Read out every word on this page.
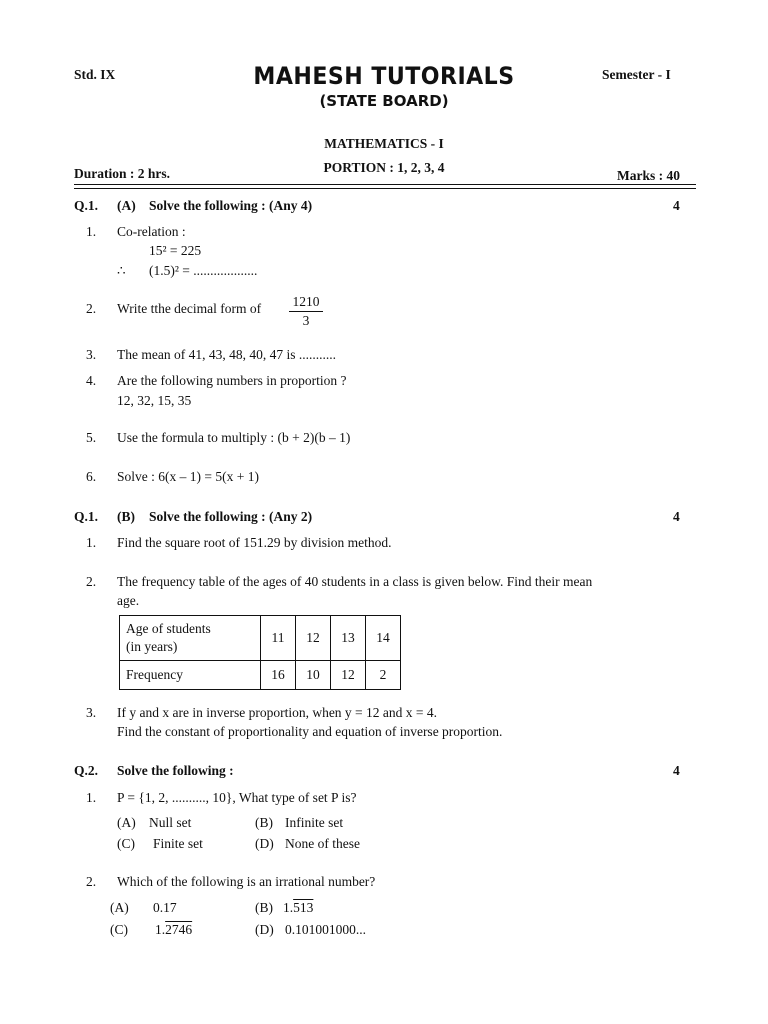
Std. IX	MAHESH TUTORIALS
(STATE BOARD)
Semester - I
MATHEMATICS - I
PORTION : 1, 2, 3, 4
Duration : 2 hrs.	Marks : 40
Q.1. (A) Solve the following : (Any 4)	4
1. Co-relation :
15² = 225
∴ (1.5)² = ...................
2. Write tthe decimal form of $\frac{1210}{3}$
3. The mean of 41, 43, 48, 40, 47 is ...........
4. Are the following numbers in proportion ?
12, 32, 15, 35
5. Use the formula to multiply : (b + 2)(b – 1)
6. Solve : 6(x – 1) = 5(x + 1)
Q.1. (B) Solve the following : (Any 2)	4
1. Find the square root of 151.29 by division method.
2. The frequency table of the ages of 40 students in a class is given below. Find their mean
age.
Age of students
(in years)	11	12	13	14
Frequency	16	10	12	2
3. If y and x are in inverse proportion, when y = 12 and x = 4.
Find the constant of proportionality and equation of inverse proportion.
Q.2. Solve the following :	4
1. P = {1, 2, .........., 10}, What type of set P is?
(A) Null set	(B) Infinite set
(C) Finite set	(D) None of these
2. Which of the following is an irrational number?
(A) 0.17	(B) 1.513
(C) 1.2746	(D) 0.101001000...
